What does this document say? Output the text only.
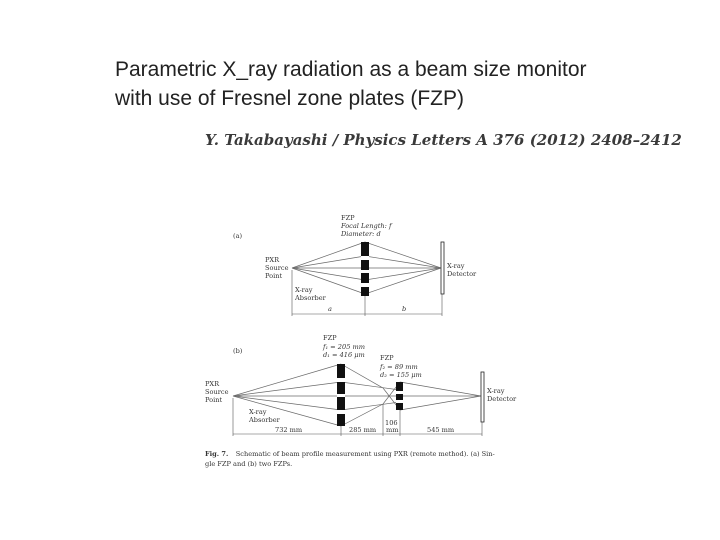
Parametric X_ray radiation as a beam size monitor
with use of Fresnel zone plates (FZP)
Y. Takabayashi / Physics Letters A 376 (2012) 2408–2412
(a)
FZP
Focal Length: f
Diameter: d
PXR
Source
Point
X-ray
Absorber
X-ray
Detector
a	b
(b)
FZP
f₁ = 205 mm
d₁ = 416 μm FZP
f₂ = 89 mm
d₂ = 155 μm
PXR
Source
Point
X-ray
Absorber
X-ray
Detector
732 mm	285 mm
106
mm	545 mm
Fig. 7. Schematic of beam profile measurement using PXR (remote method). (a) Sin-
gle FZP and (b) two FZPs.
